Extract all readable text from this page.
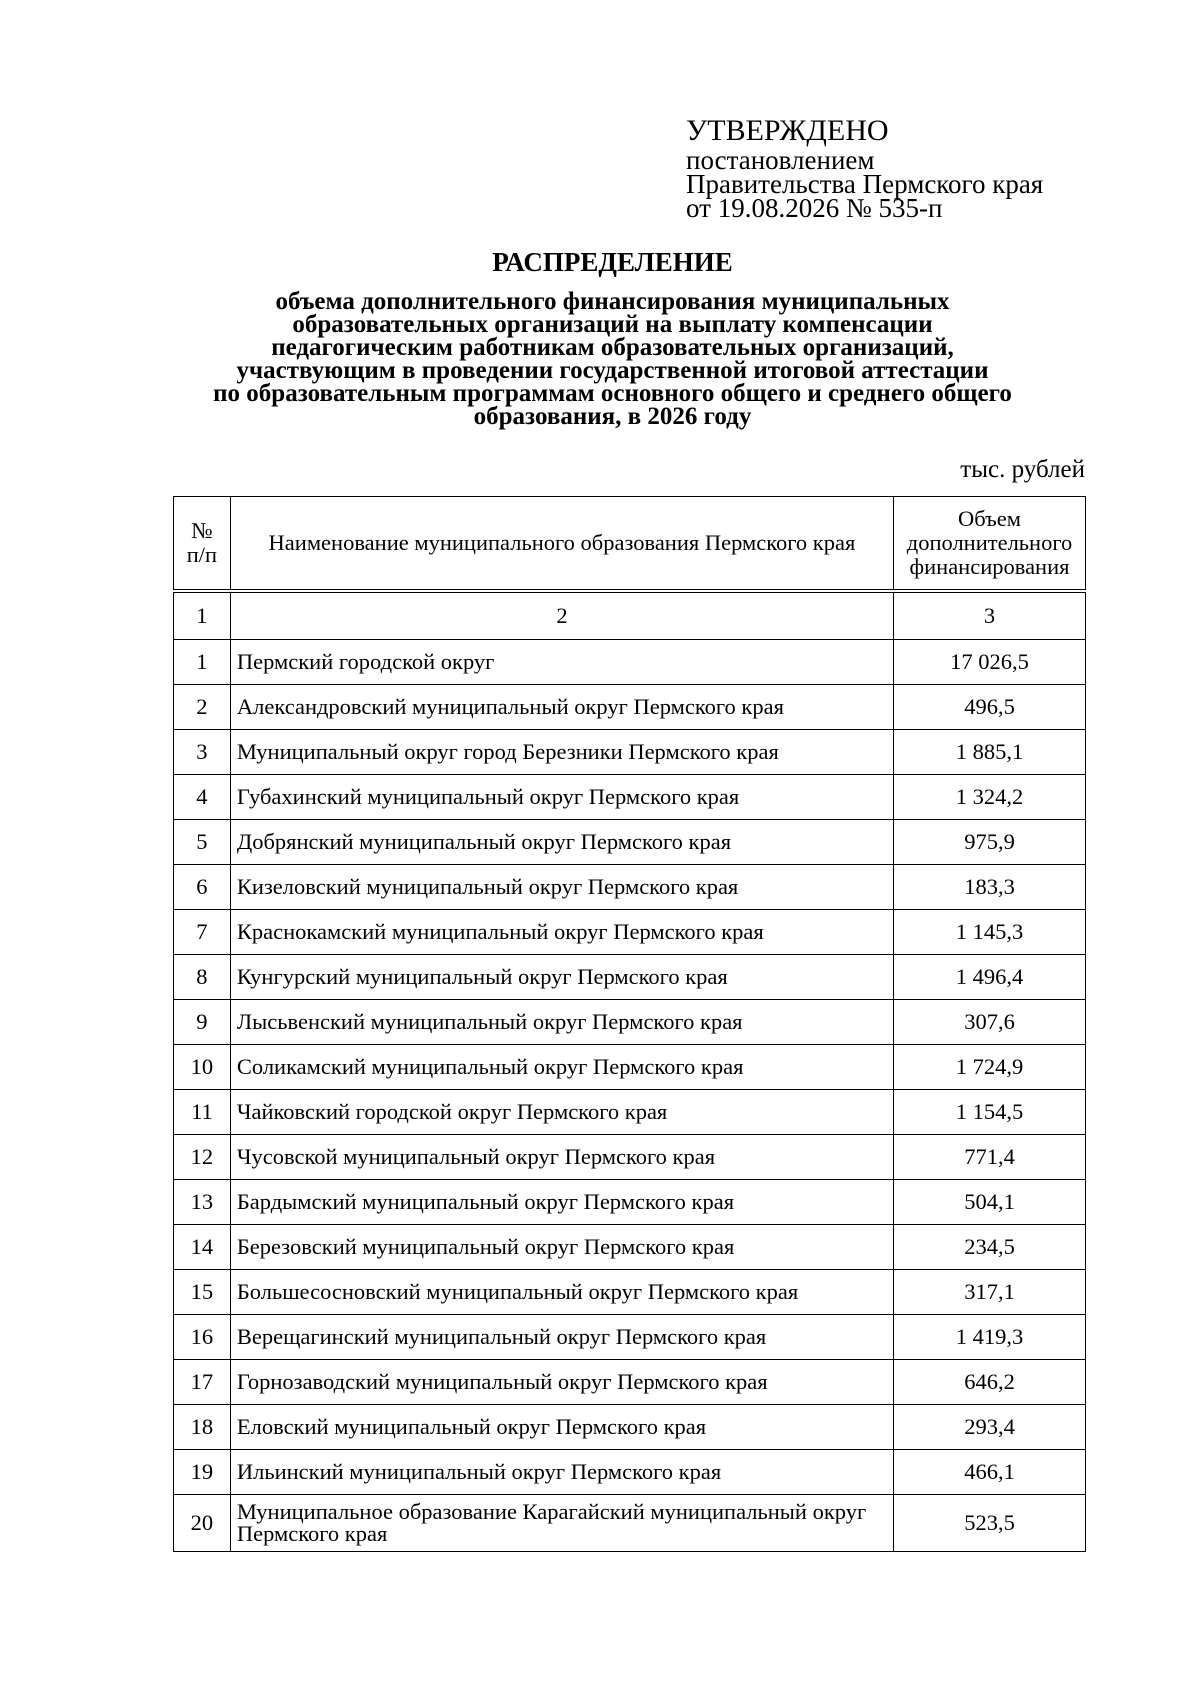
УТВЕРЖДЕНО
постановлением
Правительства Пермского края
от 19.08.2026 № 535-п
РАСПРЕДЕЛЕНИЕ
объема дополнительного финансирования муниципальных
образовательных организаций на выплату компенсации
педагогическим работникам образовательных организаций,
участвующим в проведении государственной итоговой аттестации
по образовательным программам основного общего и среднего общего
образования, в 2026 году
тыс. рублей
№ п/п	Наименование муниципального образования Пермского края	Объем дополнительного финансирования
1	2	3
1	Пермский городской округ	17 026,5
2	Александровский муниципальный округ Пермского края	496,5
3	Муниципальный округ город Березники Пермского края	1 885,1
4	Губахинский муниципальный округ Пермского края	1 324,2
5	Добрянский муниципальный округ Пермского края	975,9
6	Кизеловский муниципальный округ Пермского края	183,3
7	Краснокамский муниципальный округ Пермского края	1 145,3
8	Кунгурский муниципальный округ Пермского края	1 496,4
9	Лысьвенский муниципальный округ Пермского края	307,6
10	Соликамский муниципальный округ Пермского края	1 724,9
11	Чайковский городской округ Пермского края	1 154,5
12	Чусовской муниципальный округ Пермского края	771,4
13	Бардымский муниципальный округ Пермского края	504,1
14	Березовский муниципальный округ Пермского края	234,5
15	Большесосновский муниципальный округ Пермского края	317,1
16	Верещагинский муниципальный округ Пермского края	1 419,3
17	Горнозаводский муниципальный округ Пермского края	646,2
18	Еловский муниципальный округ Пермского края	293,4
19	Ильинский муниципальный округ Пермского края	466,1
20	Муниципальное образование Карагайский муниципальный округ Пермского края	523,5
